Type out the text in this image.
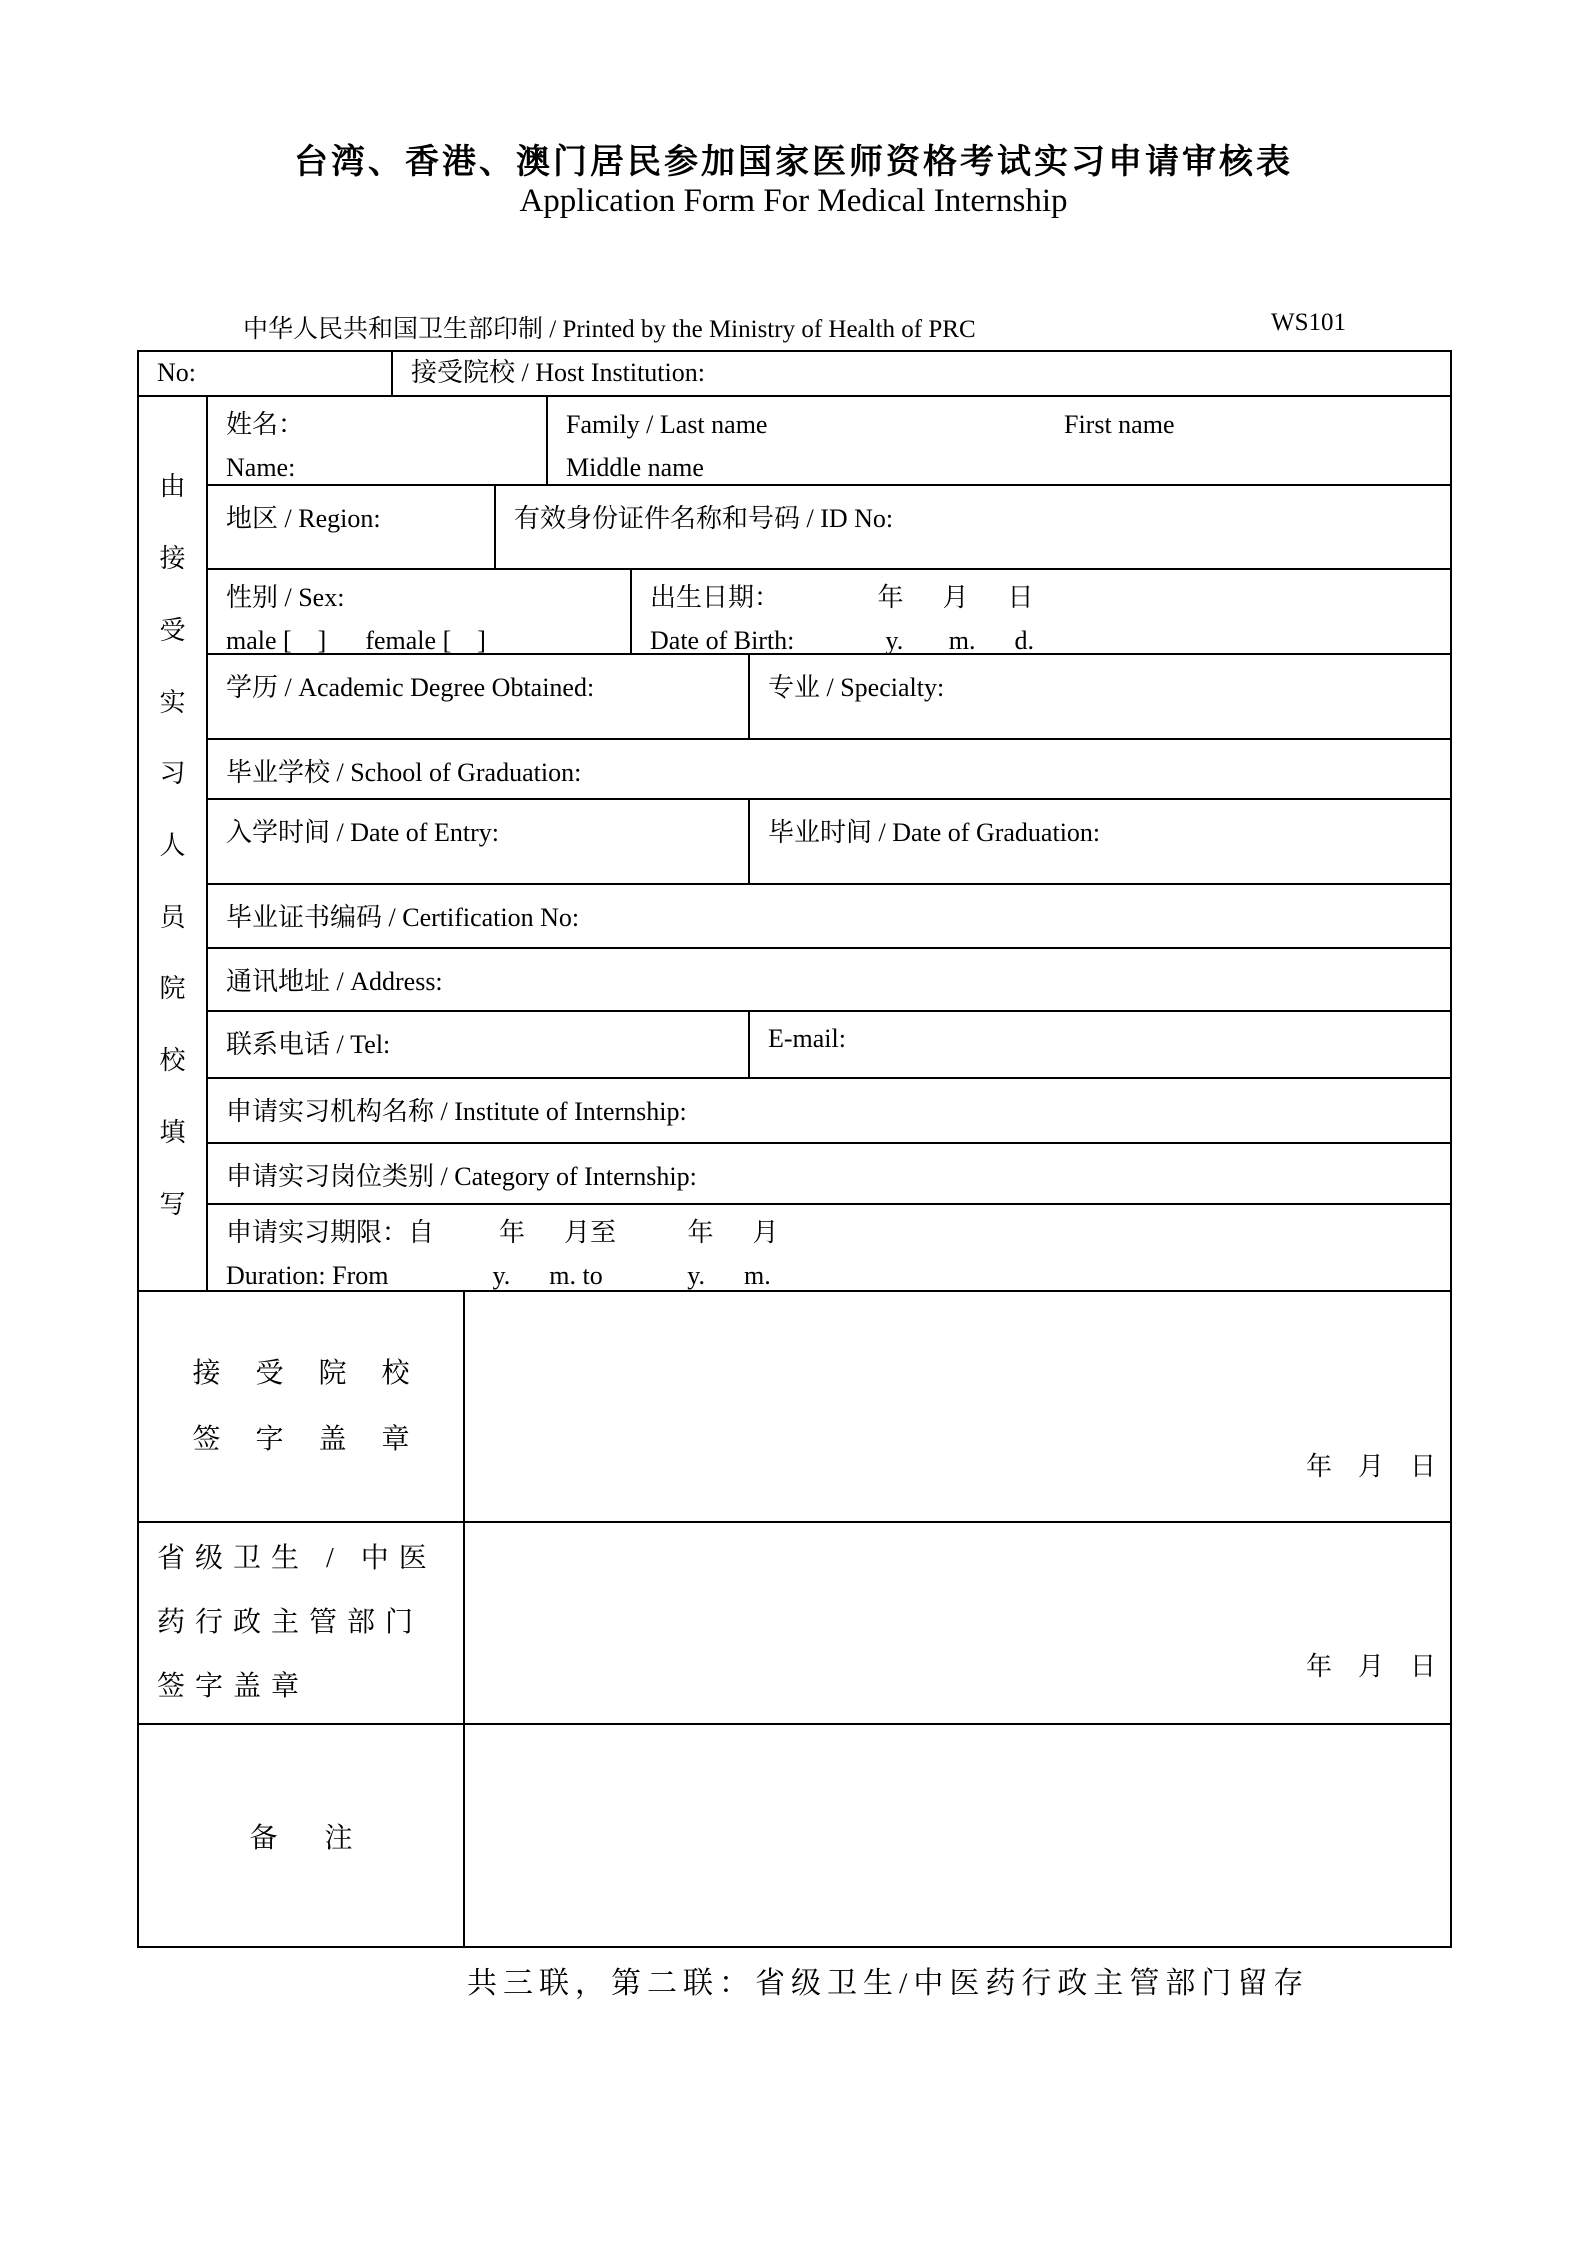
台湾、香港、澳门居民参加国家医师资格考试实习申请审核表
Application Form For Medical Internship
中华人民共和国卫生部印制 / Printed by the Ministry of Health of PRC	WS101
No:	接受院校 / Host Institution:
由
接
受
实
习
人
员
院
校
填
写
姓名：
Name:
Family / Last name	First name
Middle name
地区 / Region:	有效身份证件名称和号码 / ID No:
性别 / Sex:
male [    ]      female [    ]
出生日期：               年      月      日
Date of Birth:              y.       m.      d.
学历 / Academic Degree Obtained:	专业 / Specialty:
毕业学校 / School of Graduation:
入学时间 / Date of Entry:	毕业时间 / Date of Graduation:
毕业证书编码 / Certification No:
通讯地址 / Address:
联系电话 / Tel:	E-mail:
申请实习机构名称 / Institute of Internship:
申请实习岗位类别 / Category of Internship:
申请实习期限：自          年      月至           年      月
Duration: From                y.      m. to             y.      m.
接 受 院 校
签 字 盖 章
年    月    日
省级卫生 / 中医
药行政主管部门
签字盖章
年    月    日
备 注
共三联，第二联：省级卫生/中医药行政主管部门留存
